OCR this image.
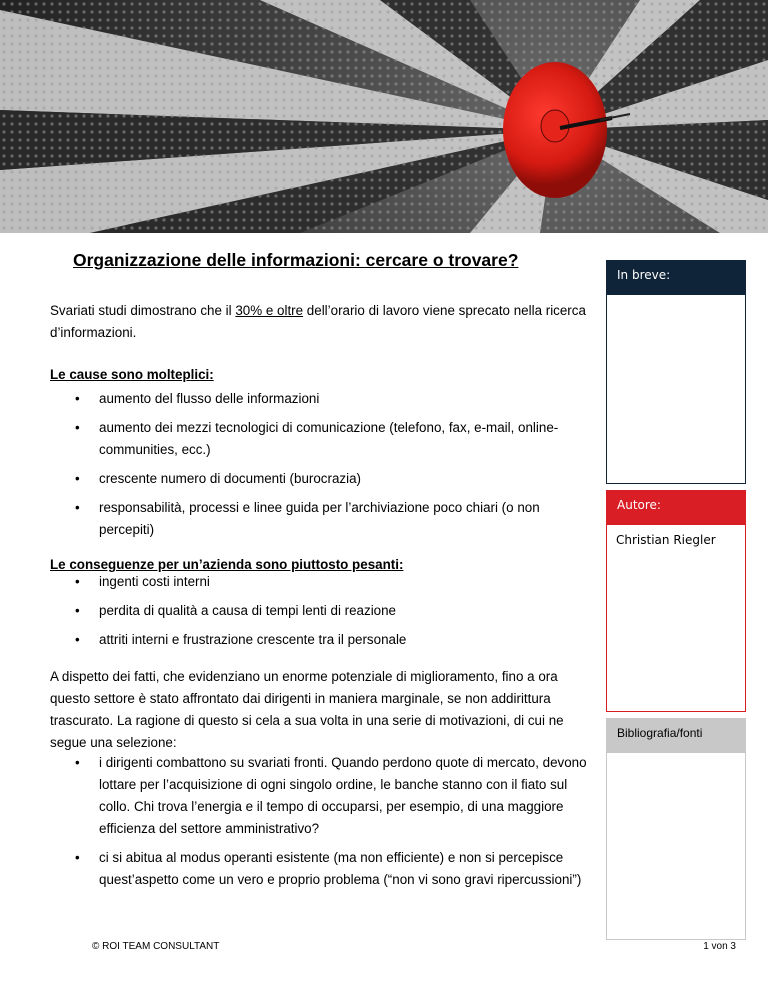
Organizzazione delle informazioni: cercare o trovare?

Svariati studi dimostrano che il 30% e oltre dell’orario di lavoro viene sprecato nella ricerca d’informazioni.

Le cause sono molteplici:
• aumento del flusso delle informazioni
• aumento dei mezzi tecnologici di comunicazione (telefono, fax, e-mail, online-communities, ecc.)
• crescente numero di documenti (burocrazia)
• responsabilità, processi e linee guida per l’archiviazione poco chiari (o non percepiti)
Le conseguenze per un’azienda sono piuttosto pesanti:
• ingenti costi interni
• perdita di qualità a causa di tempi lenti di reazione
• attriti interni e frustrazione crescente tra il personale

A dispetto dei fatti, che evidenziano un enorme potenziale di miglioramento, fino a ora questo settore è stato affrontato dai dirigenti in maniera marginale, se non addirittura trascurato. La ragione di questo si cela a sua volta in una serie di motivazioni, di cui ne segue una selezione:

• i dirigenti combattono su svariati fronti. Quando perdono quote di mercato, devono lottare per l’acquisizione di ogni singolo ordine, le banche stanno con il fiato sul collo. Chi trova l’energia e il tempo di occuparsi, per esempio, di una maggiore efficienza del settore amministrativo?
• ci si abitua al modus operanti esistente (ma non efficiente) e non si percepisce quest’aspetto come un vero e proprio problema (“non vi sono gravi ripercussioni”)
In breve:
Autore:
Christian Riegler
Bibliografia/fonti
© ROI TEAM CONSULTANT	1 von 3
